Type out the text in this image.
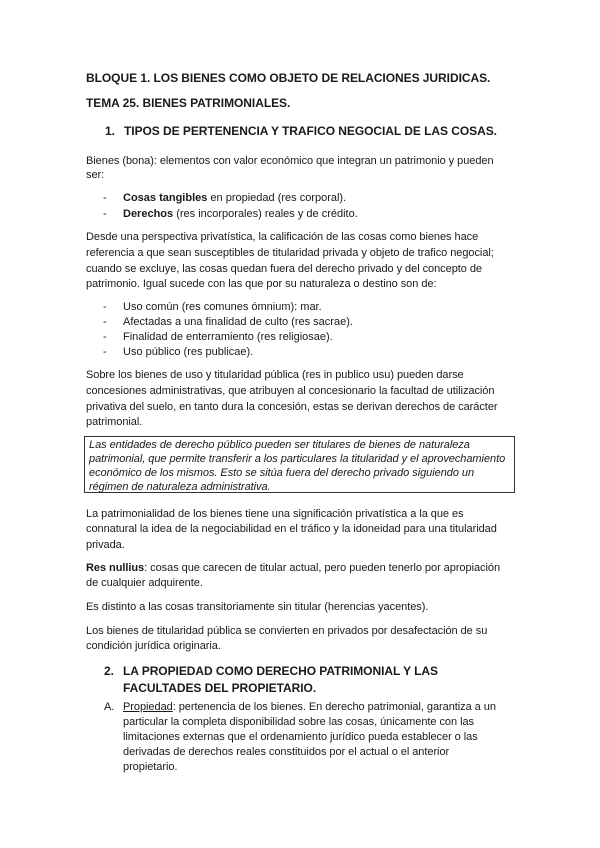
BLOQUE 1. LOS BIENES COMO OBJETO DE RELACIONES JURIDICAS.
TEMA 25. BIENES PATRIMONIALES.
1. TIPOS DE PERTENENCIA Y TRAFICO NEGOCIAL DE LAS COSAS.
Bienes (bona): elementos con valor económico que integran un patrimonio y pueden
ser:
- Cosas tangibles en propiedad (res corporal).
- Derechos (res incorporales) reales y de crédito.
Desde una perspectiva privatística, la calificación de las cosas como bienes hace
referencia a que sean susceptibles de titularidad privada y objeto de trafico negocial;
cuando se excluye, las cosas quedan fuera del derecho privado y del concepto de
patrimonio. Igual sucede con las que por su naturaleza o destino son de:
- Uso común (res comunes ómnium): mar.
- Afectadas a una finalidad de culto (res sacrae).
- Finalidad de enterramiento (res religiosae).
- Uso público (res publicae).
Sobre los bienes de uso y titularidad pública (res in publico usu) pueden darse
concesiones administrativas, que atribuyen al concesionario la facultad de utilización
privativa del suelo, en tanto dura la concesión, estas se derivan derechos de carácter
patrimonial.
Las entidades de derecho público pueden ser titulares de bienes de naturaleza
patrimonial, que permite transferir a los particulares la titularidad y el aprovechamiento
económico de los mismos. Esto se sitúa fuera del derecho privado siguiendo un
régimen de naturaleza administrativa.
La patrimonialidad de los bienes tiene una significación privatística a la que es
connatural la idea de la negociabilidad en el tráfico y la idoneidad para una titularidad
privada.
Res nullius: cosas que carecen de titular actual, pero pueden tenerlo por apropiación
de cualquier adquirente.
Es distinto a las cosas transitoriamente sin titular (herencias yacentes).
Los bienes de titularidad pública se convierten en privados por desafectación de su
condición jurídica originaria.
2. LA PROPIEDAD COMO DERECHO PATRIMONIAL Y LAS
FACULTADES DEL PROPIETARIO.
A. Propiedad: pertenencia de los bienes. En derecho patrimonial, garantiza a un
particular la completa disponibilidad sobre las cosas, únicamente con las
limitaciones externas que el ordenamiento jurídico pueda establecer o las
derivadas de derechos reales constituidos por el actual o el anterior
propietario.
